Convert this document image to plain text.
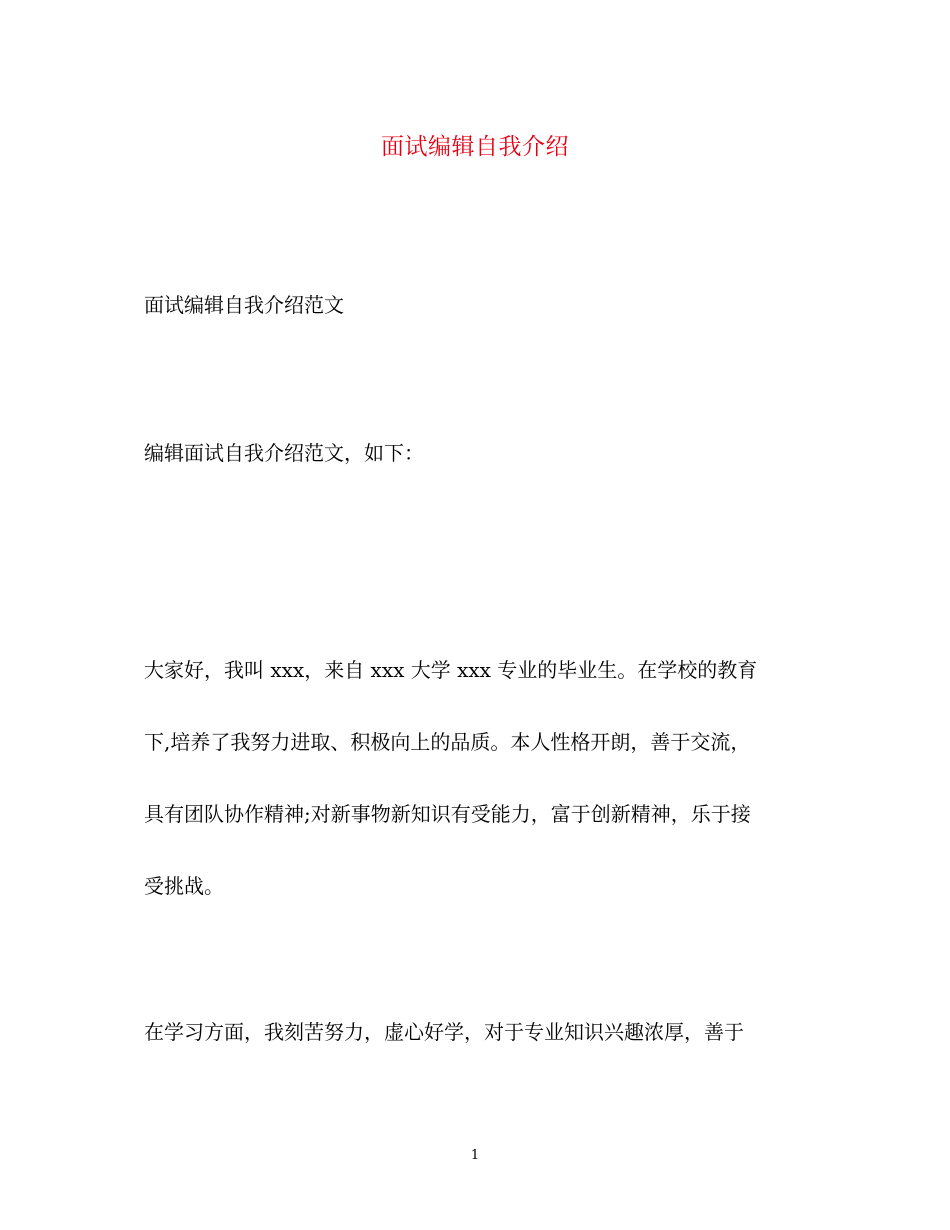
面试编辑自我介绍
面试编辑自我介绍范文
编辑面试自我介绍范文，如下：
大家好，我叫 xxx，来自 xxx 大学 xxx 专业的毕业生。在学校的教育
下,培养了我努力进取、积极向上的品质。本人性格开朗，善于交流，
具有团队协作精神;对新事物新知识有受能力，富于创新精神，乐于接
受挑战。
在学习方面，我刻苦努力，虚心好学，对于专业知识兴趣浓厚，善于
1
